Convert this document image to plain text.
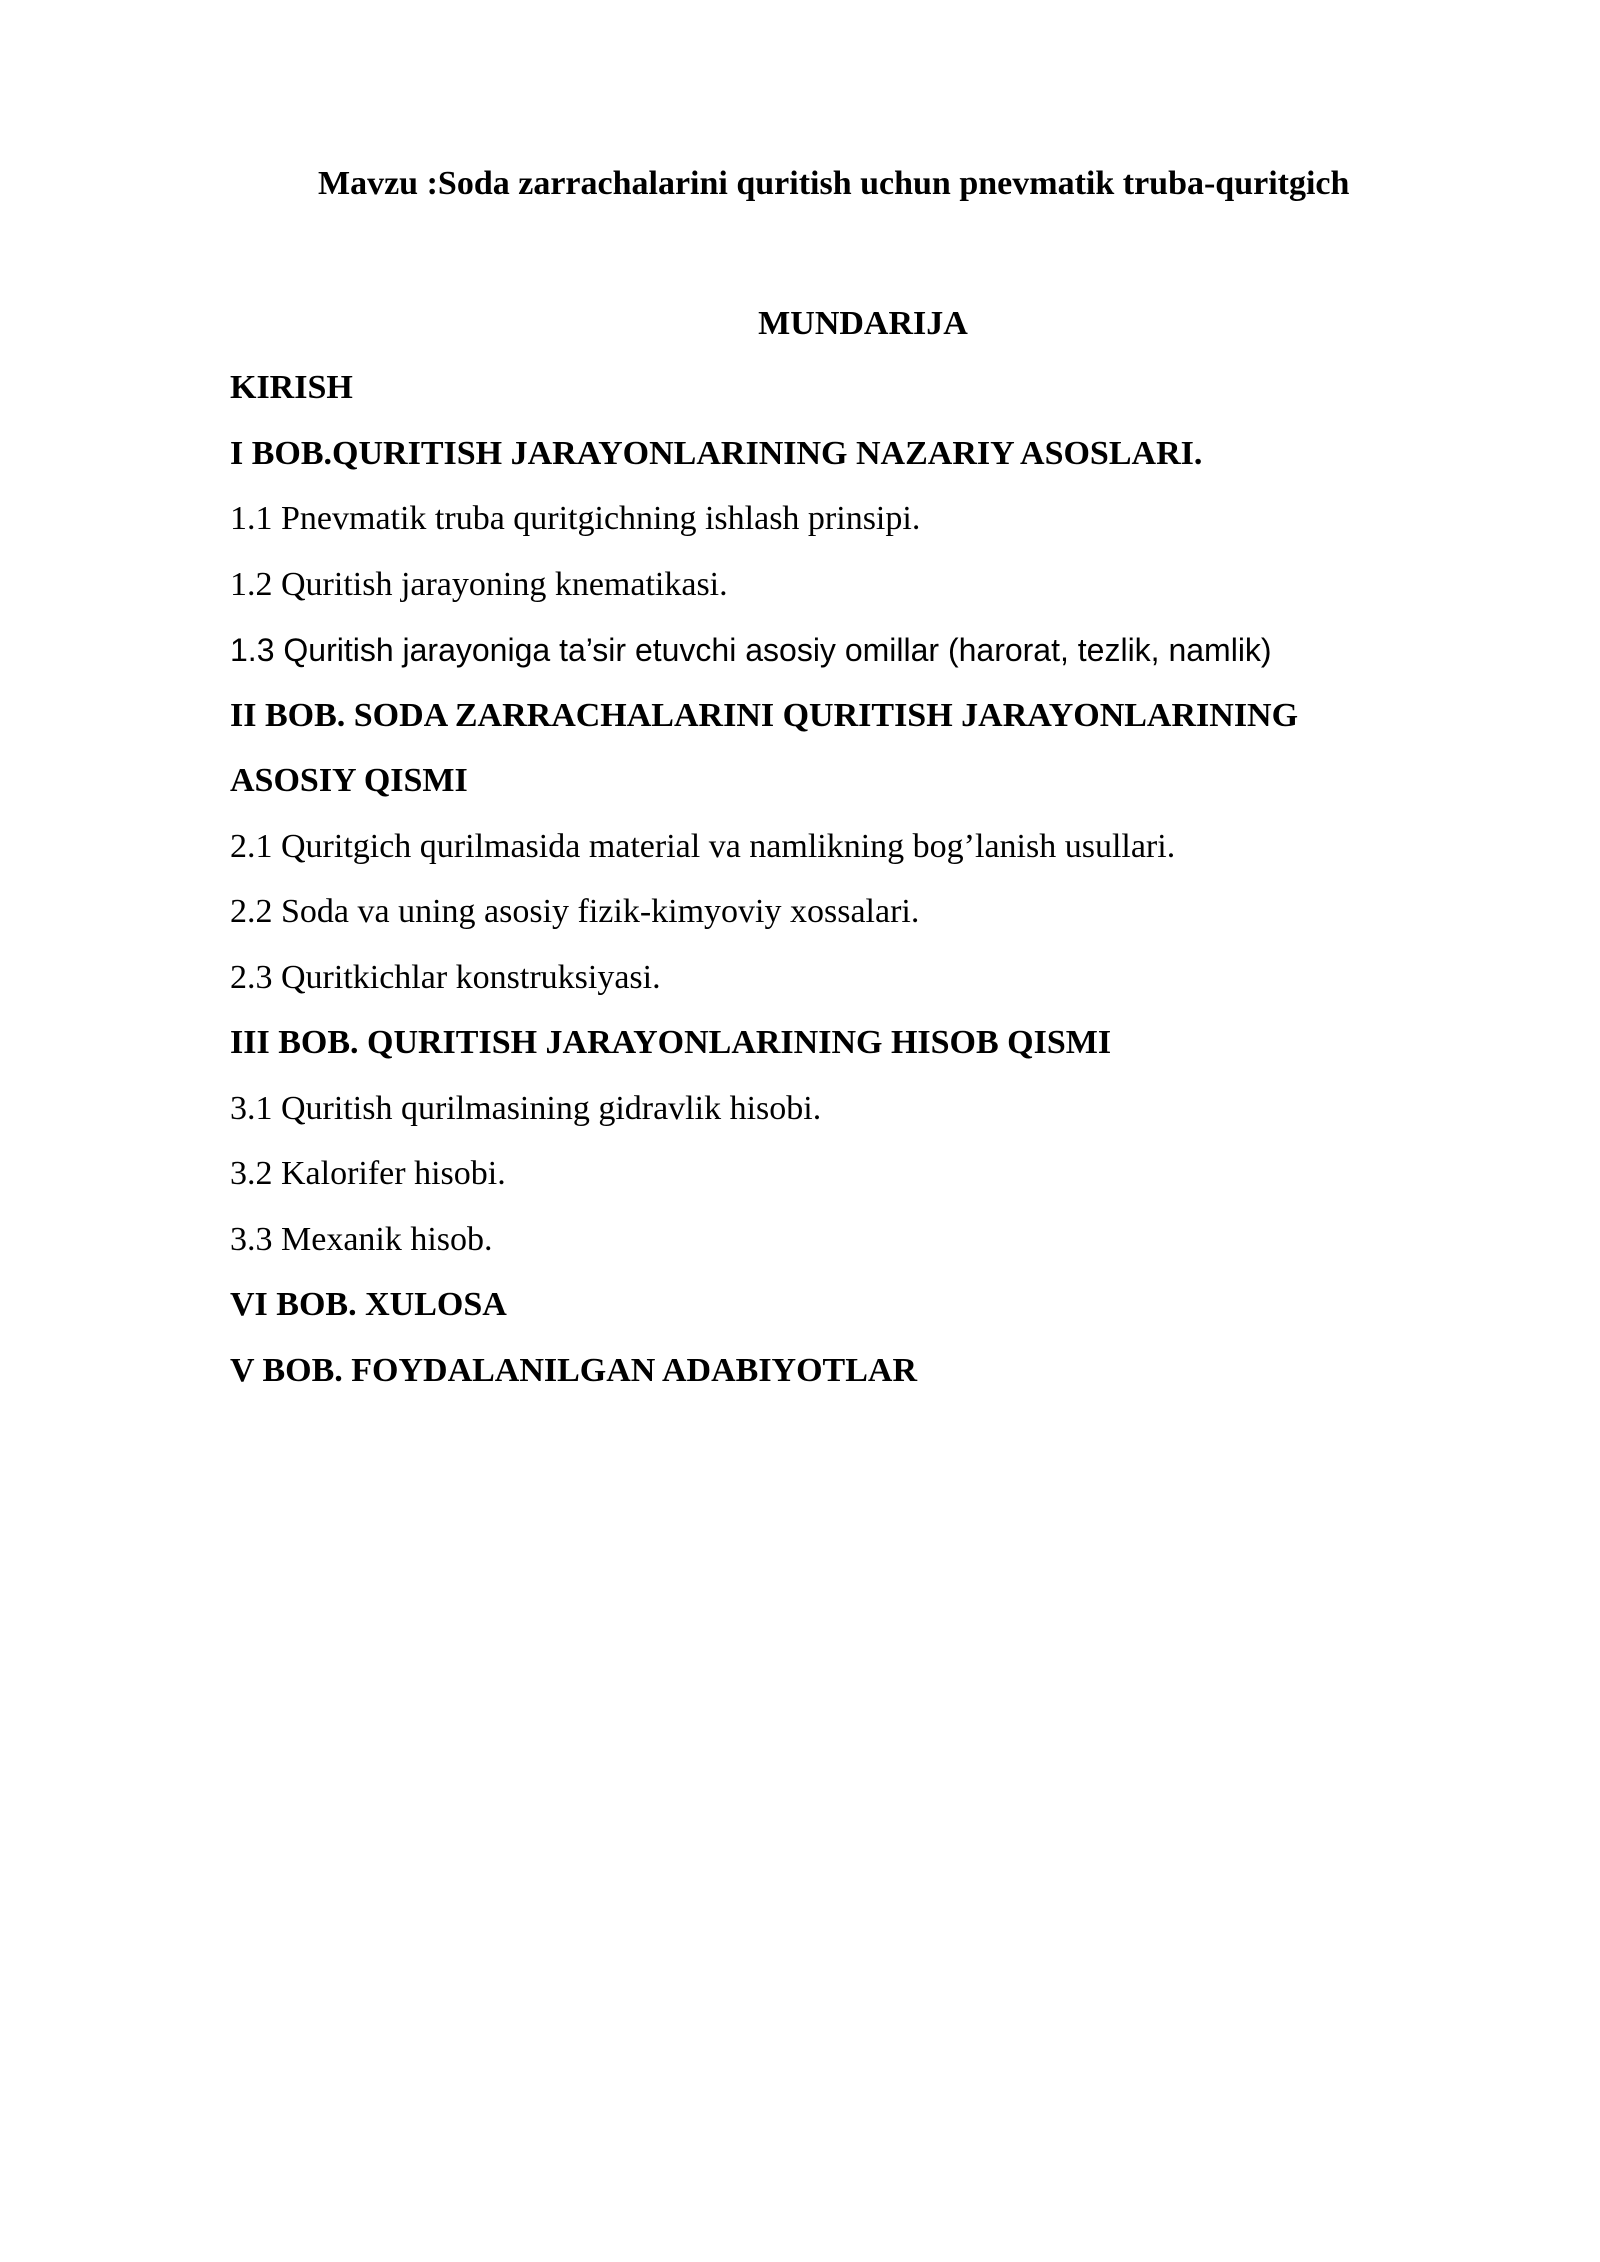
Mavzu :Soda zarrachalarini quritish uchun pnevmatik truba-quritgich
MUNDARIJA
KIRISH
I BOB.QURITISH JARAYONLARINING NAZARIY ASOSLARI.
1.1 Pnevmatik truba quritgichning ishlash prinsipi.
1.2 Quritish jarayoning knematikasi.
1.3 Quritish jarayoniga ta’sir etuvchi asosiy omillar (harorat, tezlik, namlik)
II BOB. SODA ZARRACHALARINI QURITISH JARAYONLARINING
ASOSIY QISMI
2.1 Quritgich qurilmasida material va namlikning bog’lanish usullari.
2.2 Soda va uning asosiy fizik-kimyoviy xossalari.
2.3 Quritkichlar konstruksiyasi.
III BOB. QURITISH JARAYONLARINING HISOB QISMI
3.1 Quritish qurilmasining gidravlik hisobi.
3.2 Kalorifer hisobi.
3.3 Mexanik hisob.
VI BOB. XULOSA
V BOB. FOYDALANILGAN ADABIYOTLAR
